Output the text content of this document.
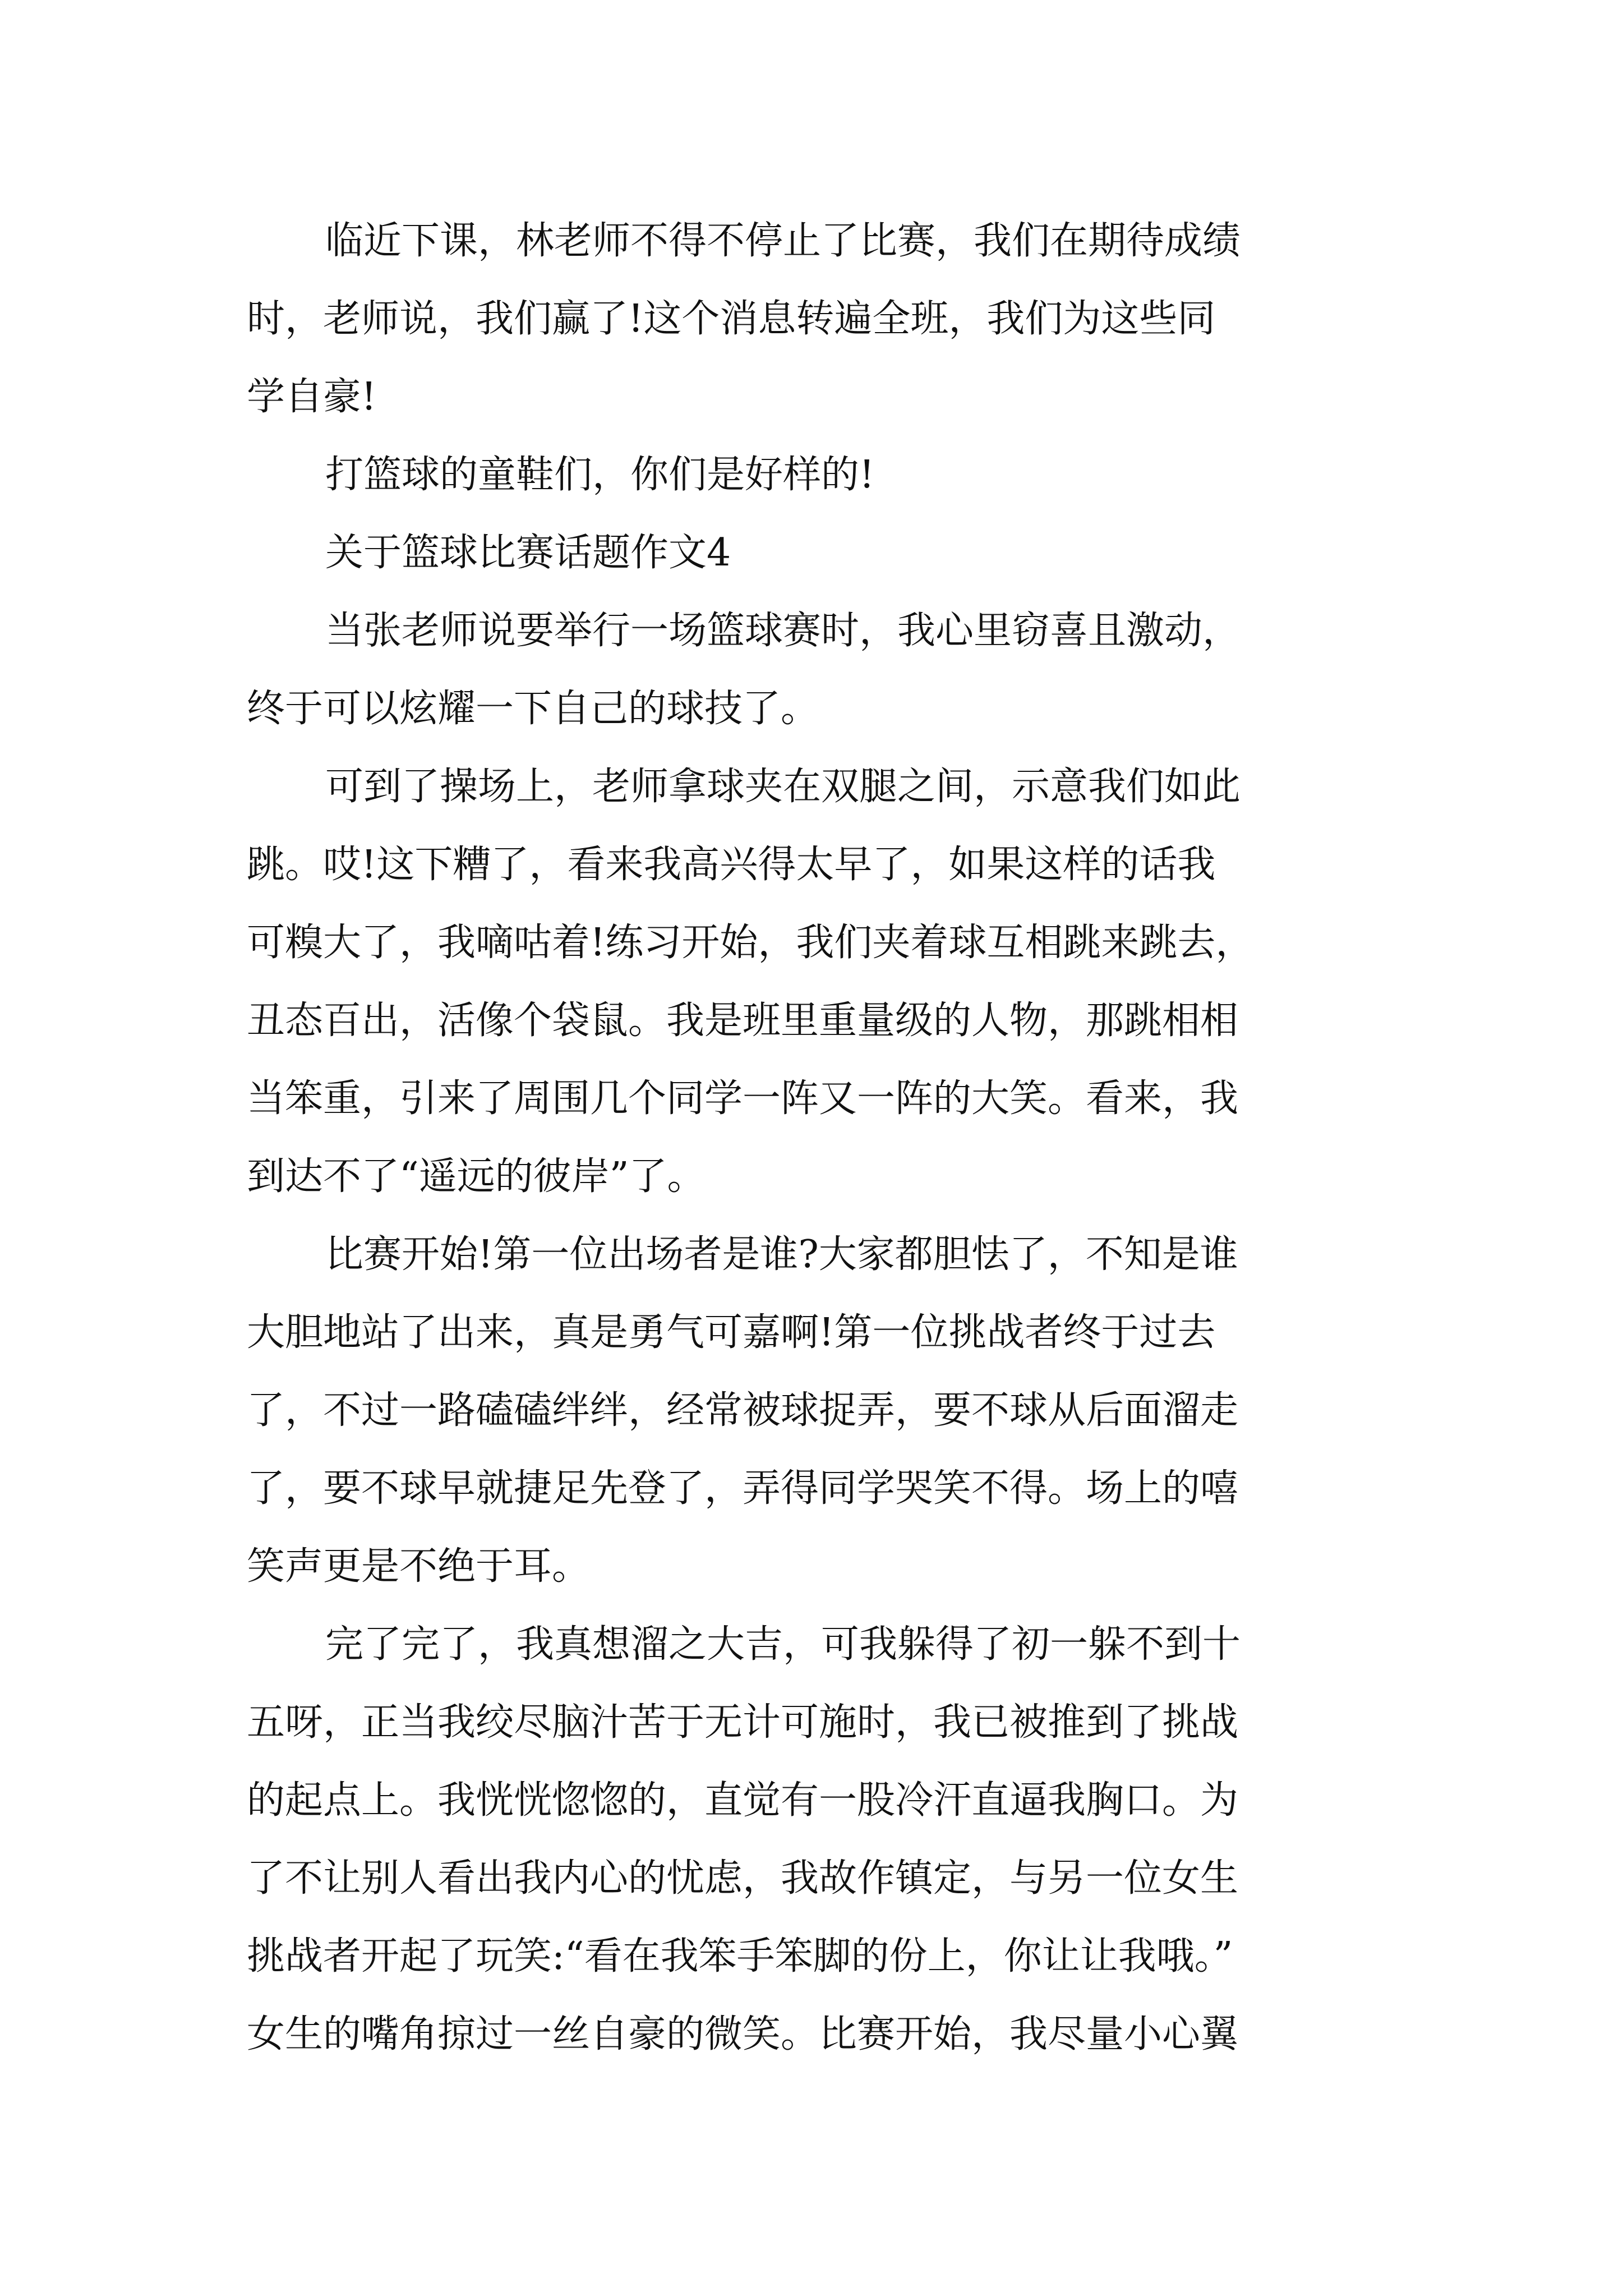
临近下课，林老师不得不停止了比赛，我们在期待成绩
时，老师说，我们赢了!这个消息转遍全班，我们为这些同
学自豪!
打篮球的童鞋们，你们是好样的!
关于篮球比赛话题作文4
当张老师说要举行一场篮球赛时，我心里窃喜且激动，
终于可以炫耀一下自己的球技了。
可到了操场上，老师拿球夹在双腿之间，示意我们如此
跳。哎!这下糟了，看来我高兴得太早了，如果这样的话我
可糗大了，我嘀咕着!练习开始，我们夹着球互相跳来跳去，
丑态百出，活像个袋鼠。我是班里重量级的人物，那跳相相
当笨重，引来了周围几个同学一阵又一阵的大笑。看来，我
到达不了“遥远的彼岸”了。
比赛开始!第一位出场者是谁?大家都胆怯了，不知是谁
大胆地站了出来，真是勇气可嘉啊!第一位挑战者终于过去
了，不过一路磕磕绊绊，经常被球捉弄，要不球从后面溜走
了，要不球早就捷足先登了，弄得同学哭笑不得。场上的嘻
笑声更是不绝于耳。
完了完了，我真想溜之大吉，可我躲得了初一躲不到十
五呀，正当我绞尽脑汁苦于无计可施时，我已被推到了挑战
的起点上。我恍恍惚惚的，直觉有一股冷汗直逼我胸口。为
了不让别人看出我内心的忧虑，我故作镇定，与另一位女生
挑战者开起了玩笑:“看在我笨手笨脚的份上，你让让我哦。”
女生的嘴角掠过一丝自豪的微笑。比赛开始，我尽量小心翼
